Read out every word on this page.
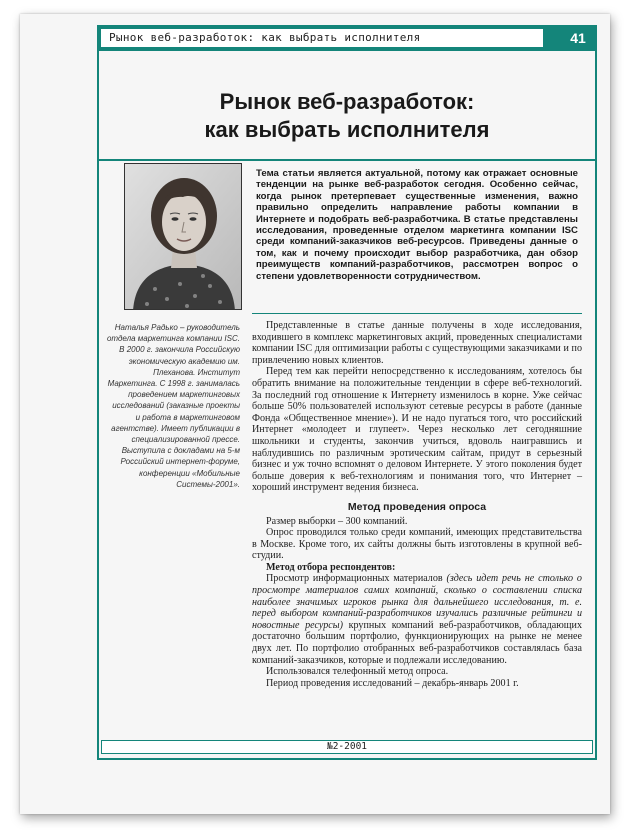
Рынок веб-разработок: как выбрать исполнителя	41
Рынок веб-разработок:
как выбрать исполнителя

Тема статьи является актуальной, потому как отражает основные тенденции на рынке веб-разработок сегодня. Особенно сейчас, когда рынок претерпевает существенные изменения, важно правильно определить направление работы компании в Интернете и подобрать веб-разработчика. В статье представлены исследования, проведенные отделом маркетинга компании ISC среди компаний-заказчиков веб-ресурсов. Приведены данные о том, как и почему происходит выбор разработчика, дан обзор преимуществ компаний-разработчиков, рассмотрен вопрос о степени удовлетворенности сотрудничеством.

Наталья Радько – руководитель отдела маркетинга компании ISC. В 2000 г. закончила Российскую экономическую академию им. Плеханова. Институт Маркетинга. С 1998 г. занималась проведением маркетинговых исследований (заказные проекты и работа в маркетинговом агентстве). Имеет публикации в специализированной прессе. Выступила с докладами на 5-м Российский интернет-форуме, конференции «Мобильные Системы-2001».

Представленные в статье данные получены в ходе исследования, входившего в комплекс маркетинговых акций, проведенных специалистами компании ISC для оптимизации работы с существующими заказчиками и по привлечению новых клиентов.

Перед тем как перейти непосредственно к исследованиям, хотелось бы обратить внимание на положительные тенденции в сфере веб-технологий. За последний год отношение к Интернету изменилось в корне. Уже сейчас больше 50% пользователей используют сетевые ресурсы в работе (данные Фонда «Общественное мнение»). И не надо пугаться того, что российский Интернет «молодеет и глупеет». Через несколько лет сегодняшние школьники и студенты, закончив учиться, вдоволь наигравшись и наблудившись по различным эротическим сайтам, придут в серьезный бизнес и уж точно вспомнят о деловом Интернете. У этого поколения будет больше доверия к веб-технологиям и понимания того, что Интернет – хороший инструмент ведения бизнеса.

Метод проведения опроса

Размер выборки – 300 компаний.

Опрос проводился только среди компаний, имеющих представительства в Москве. Кроме того, их сайты должны быть изготовлены в крупной веб-студии.

Метод отбора респондентов:

Просмотр информационных материалов (здесь идет речь не столько о просмотре материалов самих компаний, сколько о составлении списка наиболее значимых игроков рынка для дальнейшего исследования, т. е. перед выбором компаний-разработчиков изучались различные рейтинги и новостные ресурсы) крупных компаний веб-разработчиков, обладающих достаточно большим портфолио, функционирующих на рынке не менее двух лет. По портфолио отобранных веб-разработчиков составлялась база компаний-заказчиков, которые и подлежали исследованию.

Использовался телефонный метод опроса.

Период проведения исследований – декабрь-январь 2001 г.

№2-2001
